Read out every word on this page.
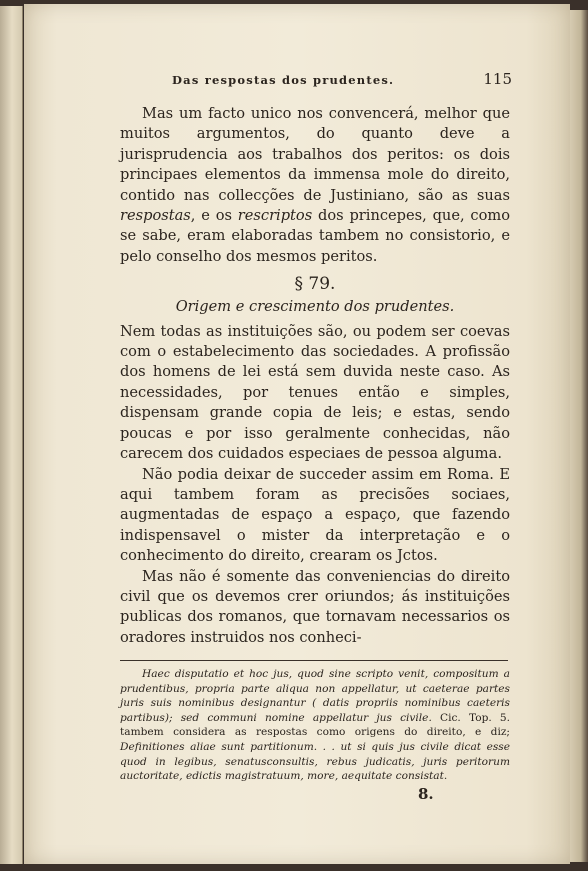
Das respostas dos prudentes.	115

Mas um facto unico nos convencerá, melhor que muitos argumentos, do quanto deve a jurisprudencia aos trabalhos dos peritos: os dois principaes elementos da immensa mole do direito, contido nas collecções de Justiniano, são as suas respostas, e os rescriptos dos princepes, que, como se sabe, eram elaboradas tambem no consistorio, e pelo conselho dos mesmos peritos.

§ 79.
Origem e crescimento dos prudentes.

Nem todas as instituições são, ou podem ser coevas com o estabelecimento das sociedades. A profissão dos homens de lei está sem duvida neste caso. As necessidades, por tenues então e simples, dispensam grande copia de leis; e estas, sendo poucas e por isso geralmente conhecidas, não carecem dos cuidados especiaes de pessoa alguma.

Não podia deixar de succeder assim em Roma. E aqui tambem foram as precisões sociaes, augmentadas de espaço a espaço, que fazendo indispensavel o mister da interpretação e o conhecimento do direito, crearam os Jctos.

Mas não é somente das conveniencias do direito civil que os devemos crer oriundos; ás instituições publicas dos romanos, que tornavam necessarios os oradores instruidos nos conheci-

Haec disputatio et hoc jus, quod sine scripto venit, compositum a prudentibus, propria parte aliqua non appellatur, ut caeterae partes juris suis nominibus designantur ( datis propriis nominibus caeteris partibus); sed communi nomine appellatur jus civile. Cic. Top. 5. tambem considera as respostas como origens do direito, e diz; Definitiones aliae sunt partitionum. . . ut si quis jus civile dicat esse quod in legibus, senatusconsultis, rebus judicatis, juris peritorum auctoritate, edictis magistratuum, more, aequitate consistat.

8.
